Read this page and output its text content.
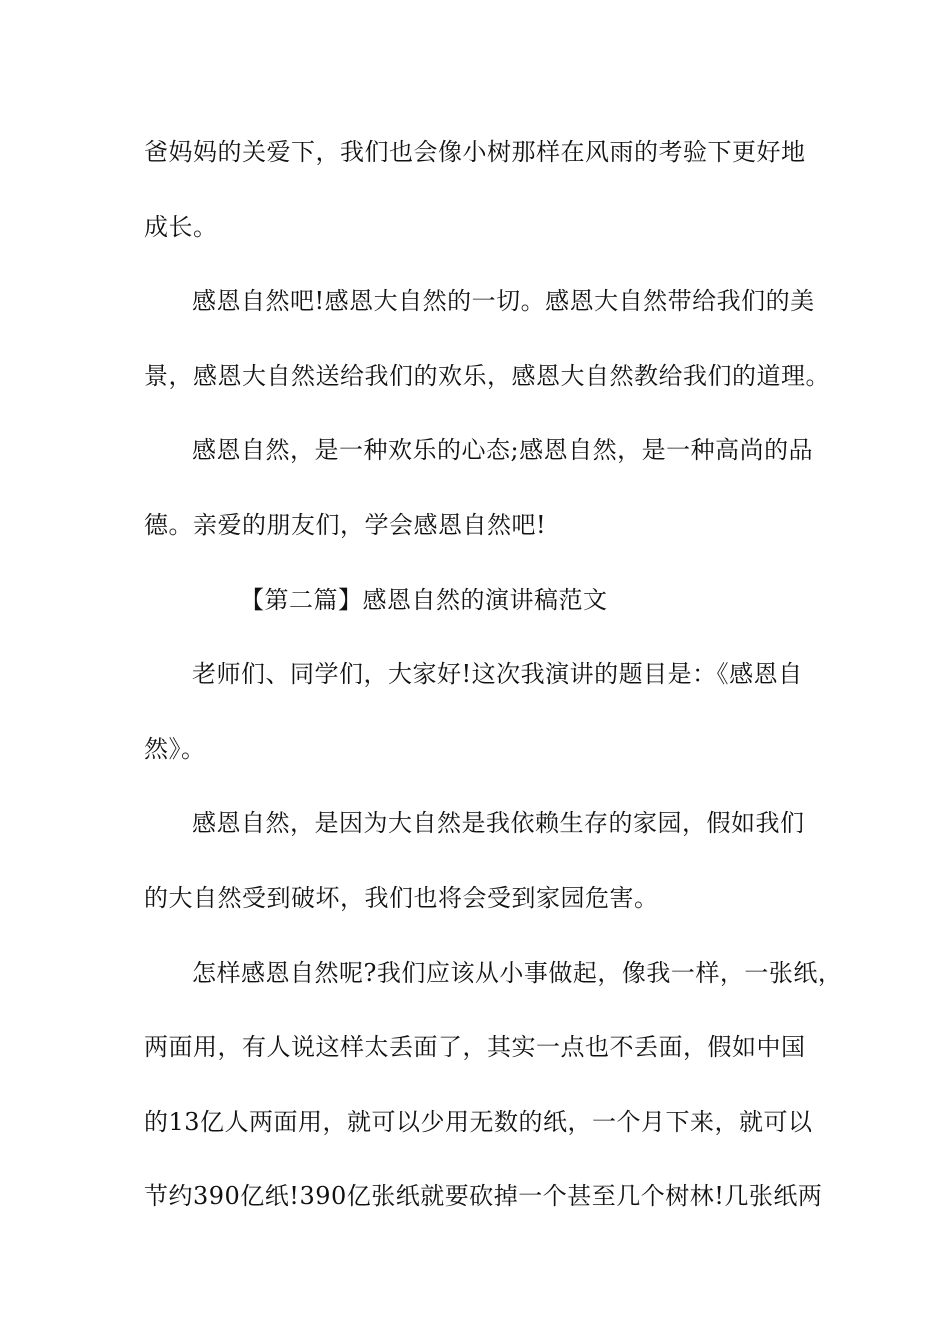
爸妈妈的关爱下，我们也会像小树那样在风雨的考验下更好地
成长。
感恩自然吧!感恩大自然的一切。感恩大自然带给我们的美
景，感恩大自然送给我们的欢乐，感恩大自然教给我们的道理。
感恩自然，是一种欢乐的心态;感恩自然，是一种高尚的品
德。亲爱的朋友们，学会感恩自然吧!
【第二篇】感恩自然的演讲稿范文
老师们、同学们，大家好!这次我演讲的题目是：《感恩自
然》。
感恩自然，是因为大自然是我依赖生存的家园，假如我们
的大自然受到破坏，我们也将会受到家园危害。
怎样感恩自然呢?我们应该从小事做起，像我一样，一张纸，
两面用，有人说这样太丢面了，其实一点也不丢面，假如中国
的13亿人两面用，就可以少用无数的纸，一个月下来，就可以
节约390亿纸!390亿张纸就要砍掉一个甚至几个树林!几张纸两
